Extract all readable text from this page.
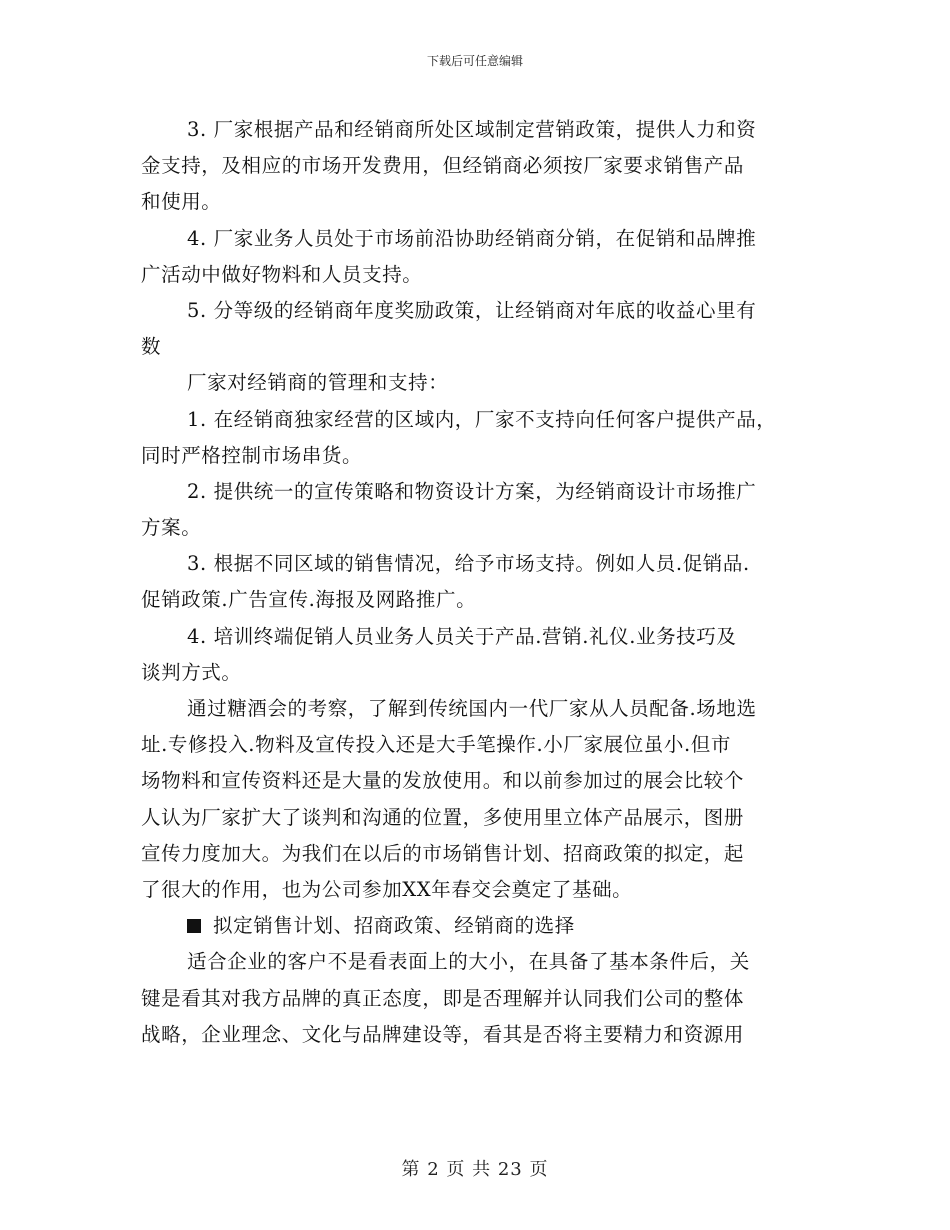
下载后可任意编辑
3. 厂家根据产品和经销商所处区域制定营销政策，提供人力和资
金支持，及相应的市场开发费用，但经销商必须按厂家要求销售产品
和使用。
4. 厂家业务人员处于市场前沿协助经销商分销，在促销和品牌推
广活动中做好物料和人员支持。
5. 分等级的经销商年度奖励政策，让经销商对年底的收益心里有
数
厂家对经销商的管理和支持：
1. 在经销商独家经营的区域内，厂家不支持向任何客户提供产品，
同时严格控制市场串货。
2. 提供统一的宣传策略和物资设计方案，为经销商设计市场推广
方案。
3. 根据不同区域的销售情况，给予市场支持。例如人员.促销品.
促销政策.广告宣传.海报及网路推广。
4. 培训终端促销人员业务人员关于产品.营销.礼仪.业务技巧及
谈判方式。
通过糖酒会的考察，了解到传统国内一代厂家从人员配备.场地选
址.专修投入.物料及宣传投入还是大手笔操作.小厂家展位虽小.但市
场物料和宣传资料还是大量的发放使用。和以前参加过的展会比较个
人认为厂家扩大了谈判和沟通的位置，多使用里立体产品展示，图册
宣传力度加大。为我们在以后的市场销售计划、招商政策的拟定，起
了很大的作用，也为公司参加XX年春交会奠定了基础。
拟定销售计划、招商政策、经销商的选择
适合企业的客户不是看表面上的大小，在具备了基本条件后，关
键是看其对我方品牌的真正态度，即是否理解并认同我们公司的整体
战略，企业理念、文化与品牌建设等，看其是否将主要精力和资源用
第 2 页 共 23 页
